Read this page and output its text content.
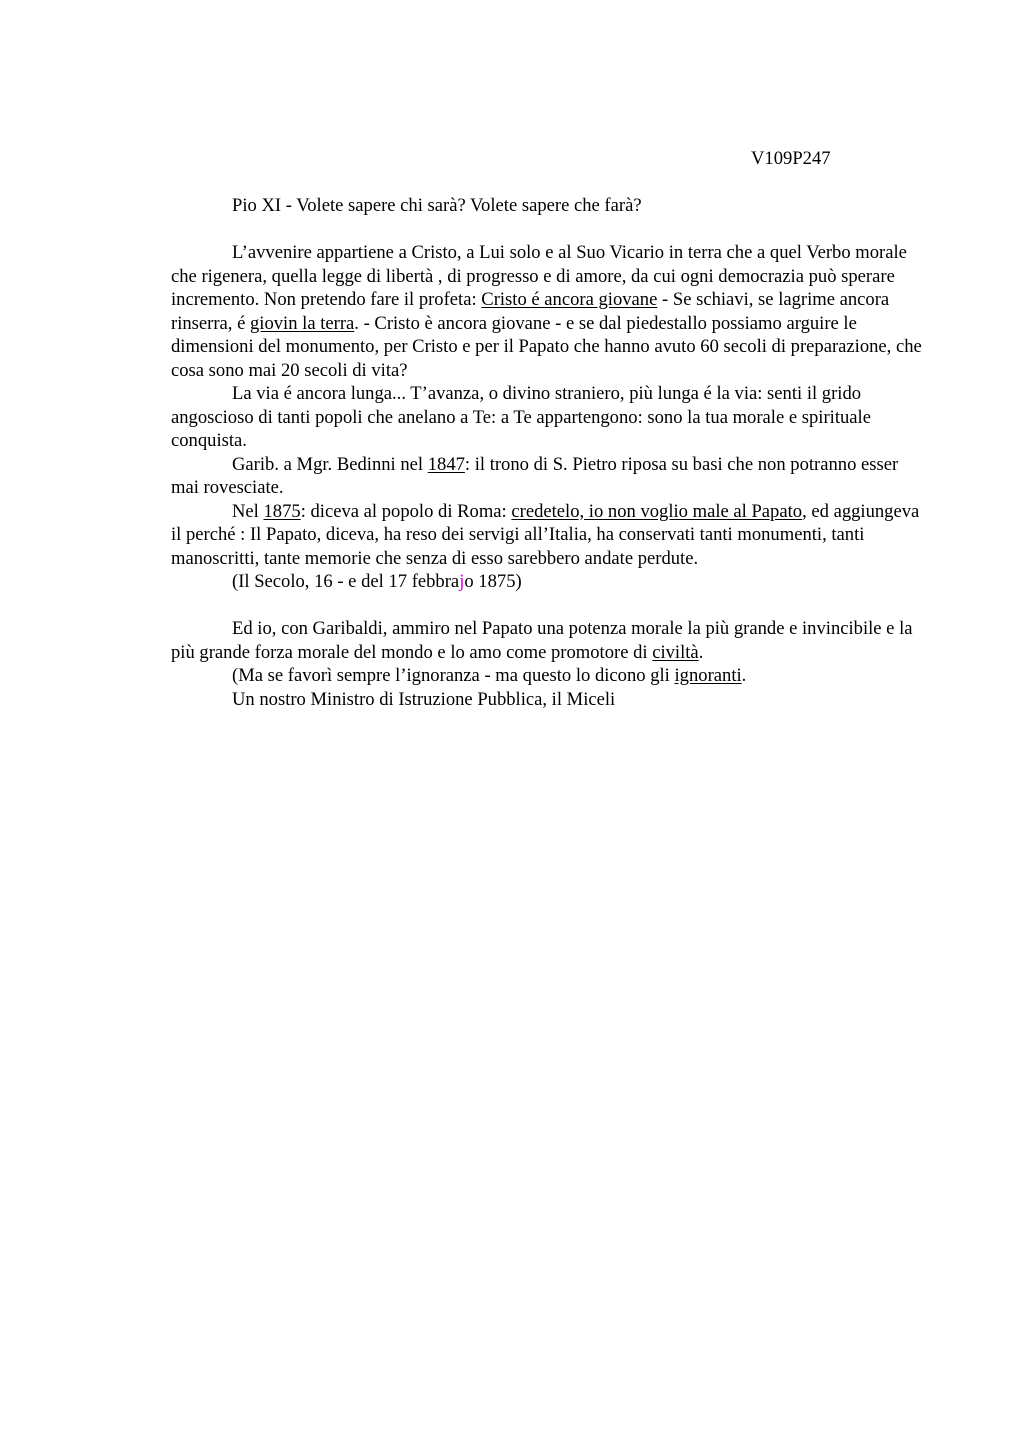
V109P247

Pio XI - Volete sapere chi sarà? Volete sapere che farà?

L’avvenire appartiene a Cristo, a Lui solo e al Suo Vicario in terra che a quel Verbo morale che rigenera, quella legge di libertà , di progresso e di amore, da cui ogni democrazia può sperare incremento. Non pretendo fare il profeta: Cristo é ancora giovane - Se schiavi, se lagrime ancora rinserra, é giovin la terra. - Cristo è ancora giovane - e se dal piedestallo possiamo arguire le dimensioni del monumento, per Cristo e per il Papato che hanno avuto 60 secoli di preparazione, che cosa sono mai 20 secoli di vita?

La via é ancora lunga... T’avanza, o divino straniero, più lunga é la via: senti il grido angoscioso di tanti popoli che anelano a Te: a Te appartengono: sono la tua morale e spirituale conquista.

Garib. a Mgr. Bedinni nel 1847: il trono di S. Pietro riposa su basi che non potranno esser mai rovesciate.

Nel 1875: diceva al popolo di Roma: credetelo, io non voglio male al Papato, ed aggiungeva il perché : Il Papato, diceva, ha reso dei servigi all’Italia, ha conservati tanti monumenti, tanti manoscritti, tante memorie che senza di esso sarebbero andate perdute.

(Il Secolo, 16 - e del 17 febbrajo 1875)

Ed io, con Garibaldi, ammiro nel Papato una potenza morale la più grande e invincibile e la più grande forza morale del mondo e lo amo come promotore di civiltà.

(Ma se favorì sempre l’ignoranza - ma questo lo dicono gli ignoranti.

Un nostro Ministro di Istruzione Pubblica, il Miceli
